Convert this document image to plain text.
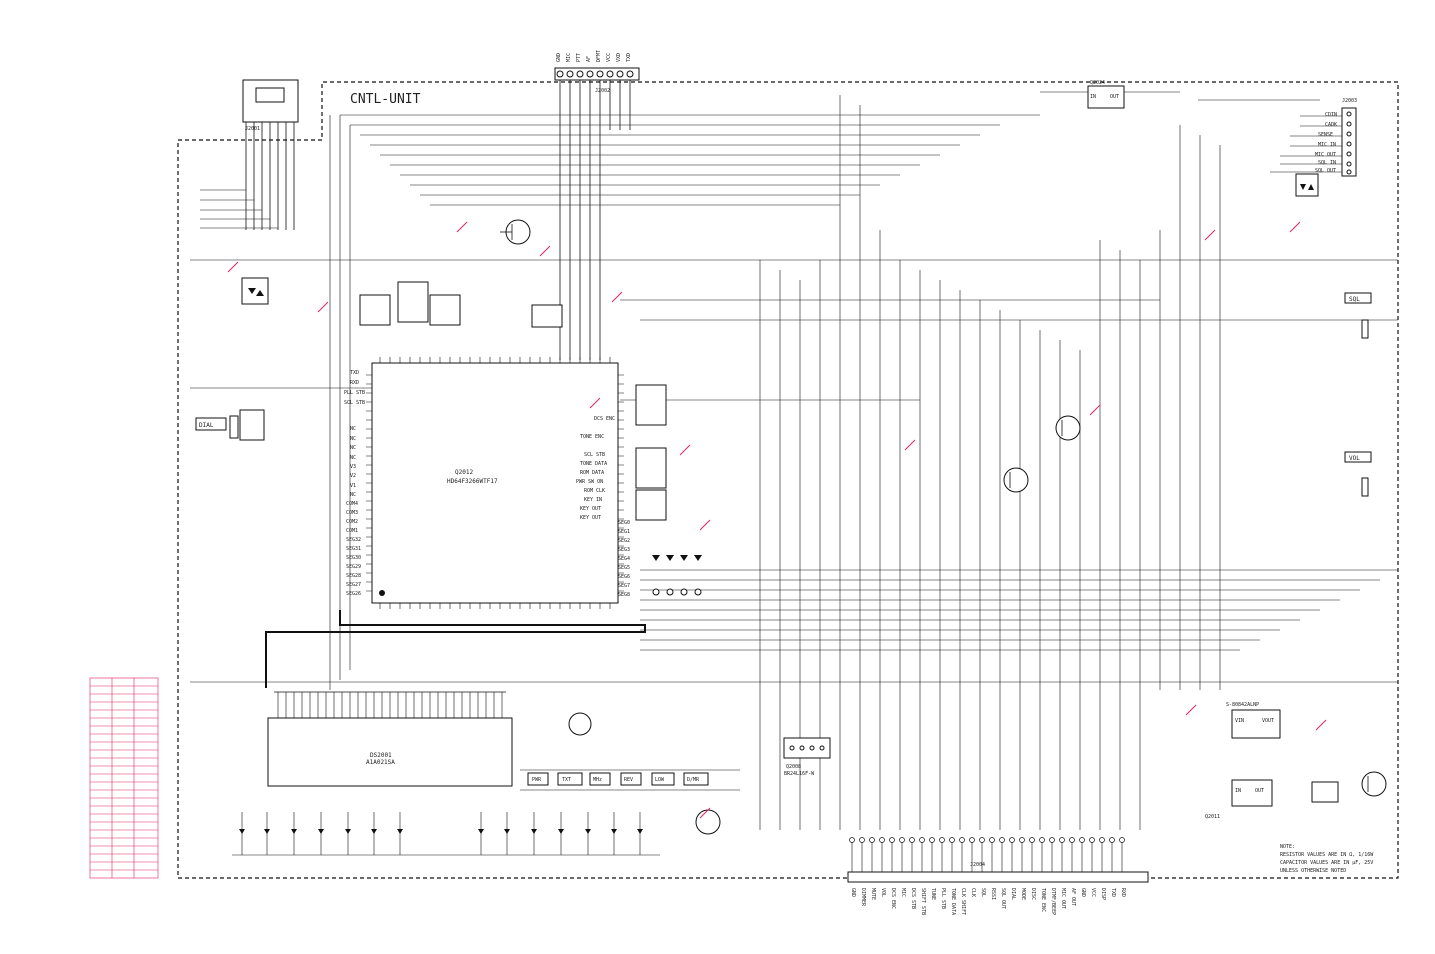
CNTL-UNIT
J2001
GND MIC PTT AF DFMT VCC VXD TXD
J2002
Q2012
HD64F3266WTF17
TXD
RXD
PLL STB
SCL STB
NC
NC
NC
NC
V3
V2
V1
NC
COM4
COM3
COM2
COM1
SEG32
SEG31
SEG30
SEG29
SEG28
SEG27
SEG26
DCS ENC
TONE ENC
SCL STB
TONE DATA
ROM DATA
PWR SW ON
ROM CLK
KEY IN
KEY OUT
KEY OUT
SEG0
SEG1
SEG2
SEG3
SEG4
SEG5
SEG6
SEG7
SEG8
DS2001
A1A021SA
DIAL
IN	OUT
Q2024
CDIN
CADK
SENSE
MIC IN
MIC OUT
SQL IN
SQL OUT
J2003
SQL
VOL
VIN	VOUT
S-80842ALNP
IN	OUT
Q2011
Q2008
BR24L16F-W
PWR	TXT	MHz	REV	LOW	D/MR
J2004
GND DIMMER MUTE VOL DCS ENC MIC DCS STB SHIFT STB TUNE PLL STB TONE DATA CLK SHIFT CLK SQL RSSI SQL OUT DIAL MODE DISC TONE ENC DTMF/BEEP MIC OUT AF OUT GND VCC DISP TXD RXD
NOTE:
RESISTOR VALUES ARE IN Ω, 1/16W
CAPACITOR VALUES ARE IN μF, 25V
UNLESS OTHERWISE NOTED
